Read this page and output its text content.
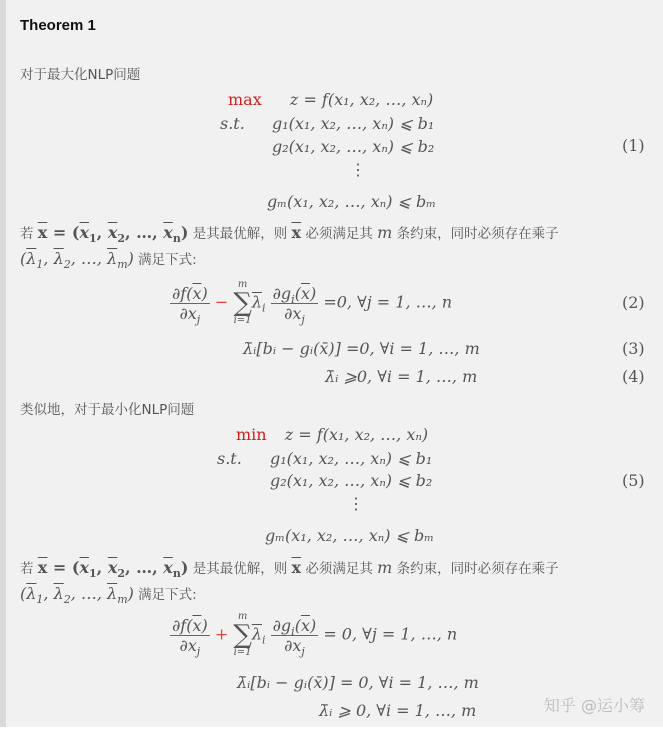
Theorem 1
对于最大化NLP问题
max z = f(x₁, x₂, …, xₙ)
s.t. g₁(x₁, x₂, …, xₙ) ⩽ b₁
g₂(x₁, x₂, …, xₙ) ⩽ b₂
⋮
gₘ(x₁, x₂, …, xₙ) ⩽ bₘ
(1)
若 $\overline{x} = (\overline{x}_1$, $\overline{x}_2$, …, $\overline{x}_n$) 是其最优解，则 $\overline{x}$ 必须满足其 m 条约束，同时必须存在乘子
($\overline{\lambda}_1$, $\overline{\lambda}_2$, …, $\overline{\lambda}_m$) 满足下式:
$\frac{\partial f(\overline{x})}{\partial x_j}$ −
m
∑
i=1
$\overline{\lambda}_i \frac{\partial g_i(\overline{x})}{\partial x_j} =0$, ∀j = 1, …, n	(2)
λ̄ᵢ[bᵢ − gᵢ(x̄)] =0, ∀i = 1, …, m	(3)
λ̄ᵢ ⩾0, ∀i = 1, …, m	(4)
类似地，对于最小化NLP问题
min z = f(x₁, x₂, …, xₙ)
s.t. g₁(x₁, x₂, …, xₙ) ⩽ b₁
g₂(x₁, x₂, …, xₙ) ⩽ b₂
⋮
gₘ(x₁, x₂, …, xₙ) ⩽ bₘ
(5)
若 $\overline{x} = (\overline{x}_1$, $\overline{x}_2$, …, $\overline{x}_n$) 是其最优解，则 $\overline{x}$ 必须满足其 m 条约束，同时必须存在乘子
($\overline{\lambda}_1$, $\overline{\lambda}_2$, …, $\overline{\lambda}_m$) 满足下式:
$\frac{\partial f(\overline{x})}{\partial x_j}$ +
m
∑
i=1
$\overline{\lambda}_i \frac{\partial g_i(\overline{x})}{\partial x_j} = 0$, ∀j = 1, …, n
λ̄ᵢ[bᵢ − gᵢ(x̄)] = 0, ∀i = 1, …, m
λ̄ᵢ ⩾ 0, ∀i = 1, …, m	知乎 @运小筹
